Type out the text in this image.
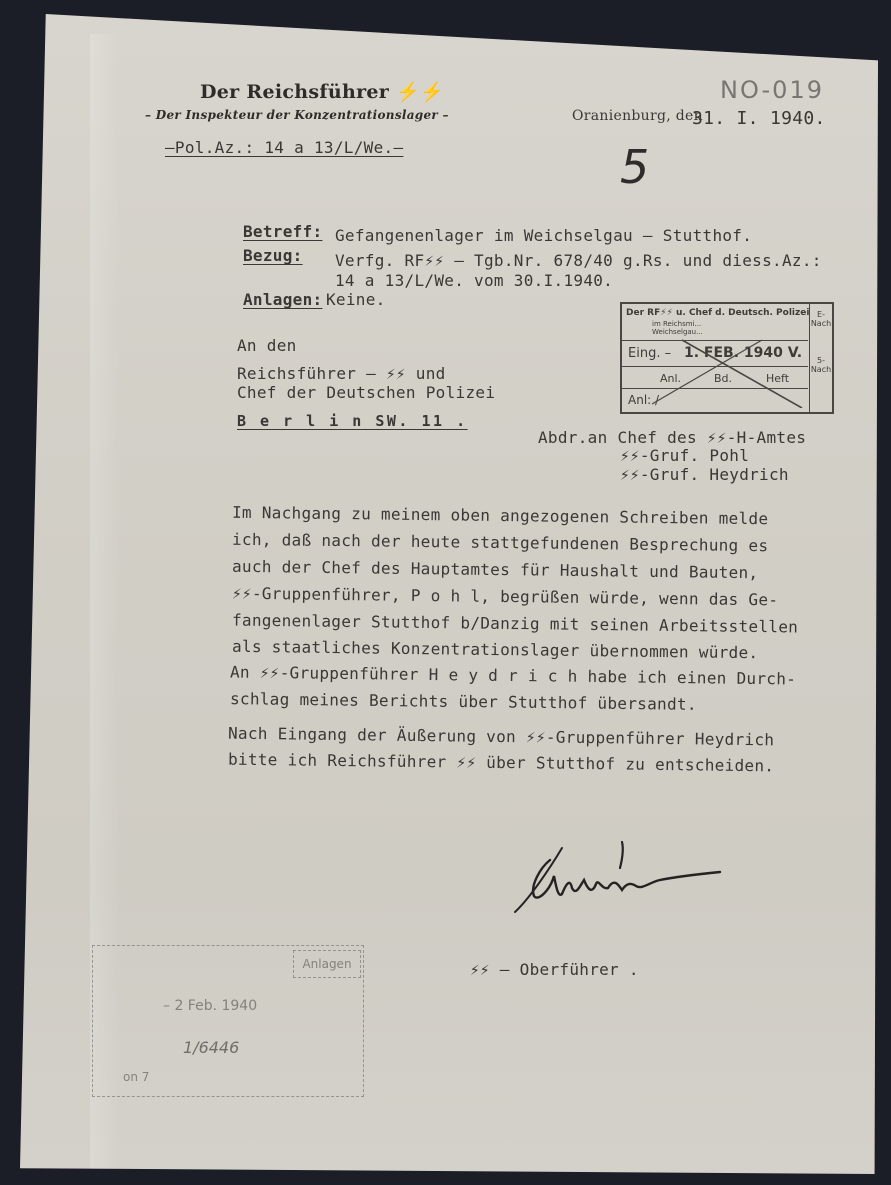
Der Reichsführer ⚡⚡
– Der Inspekteur der Konzentrationslager –
–Pol.Az.: 14 a 13/L/We.–
NO-019
Oranienburg, den
31. I. 1940.
5
Betreff: Gefangenenlager im Weichselgau – Stutthof.
Bezug: Verfg. RF⚡⚡ – Tgb.Nr. 678/40 g.Rs. und diess.Az.:
14 a 13/L/We. vom 30.I.1940.
Anlagen: Keine.
An den
Reichsführer – ⚡⚡ und
Chef der Deutschen Polizei
B e r l i n SW. 11 .
Der RF⚡⚡ u. Chef d. Deutsch. Polizei
im Reichsmi...
Weichselgau...
Eing. – 1. FEB. 1940 V.
Anl.	Bd.	Heft
Anl: /
E-Nach
5-Nach
Abdr.an Chef des ⚡⚡-H-Amtes
⚡⚡-Gruf. Pohl
⚡⚡-Gruf. Heydrich
Im Nachgang zu meinem oben angezogenen Schreiben melde
ich, daß nach der heute stattgefundenen Besprechung es
auch der Chef des Hauptamtes für Haushalt und Bauten,
⚡⚡-Gruppenführer, P o h l, begrüßen würde, wenn das Ge-
fangenenlager Stutthof b/Danzig mit seinen Arbeitsstellen
als staatliches Konzentrationslager übernommen würde.
An ⚡⚡-Gruppenführer H e y d r i c h habe ich einen Durch-
schlag meines Berichts über Stutthof übersandt.
Nach Eingang der Äußerung von ⚡⚡-Gruppenführer Heydrich
bitte ich Reichsführer ⚡⚡ über Stutthof zu entscheiden.
⚡⚡ – Oberführer .
Anlagen
– 2 Feb. 1940
1/6446
on 7
